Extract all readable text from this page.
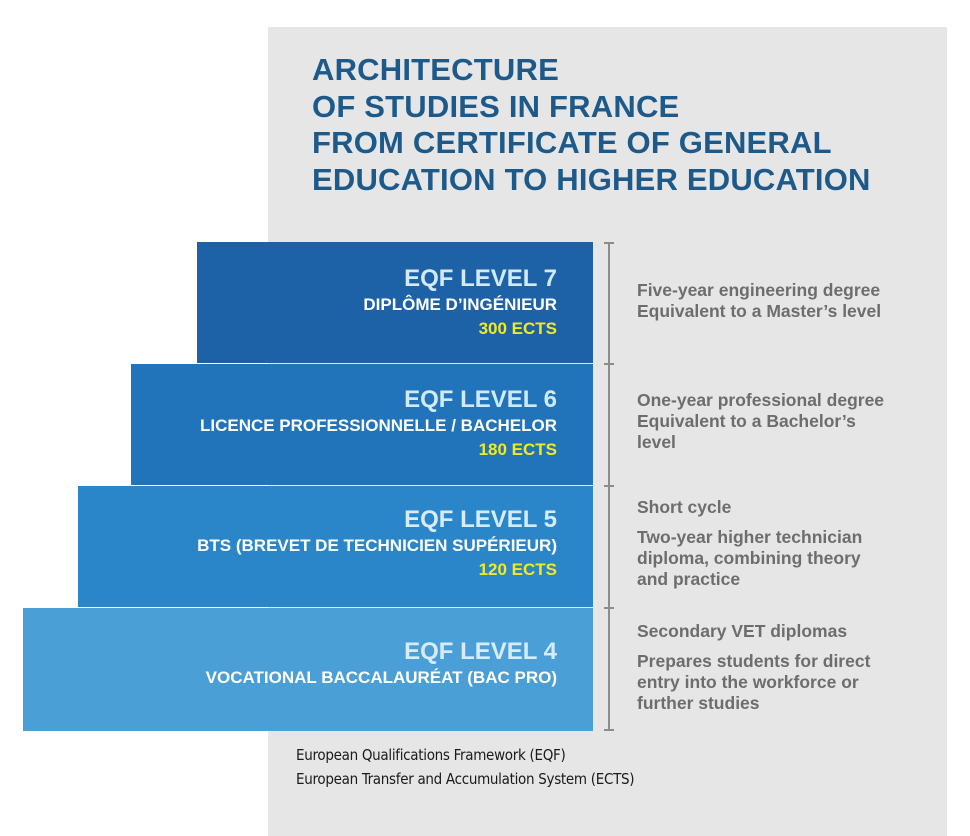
ARCHITECTURE
OF STUDIES IN FRANCE
FROM CERTIFICATE OF GENERAL
EDUCATION TO HIGHER EDUCATION
EQF LEVEL 7
DIPLÔME D’INGÉNIEUR
300 ECTS
EQF LEVEL 6
LICENCE PROFESSIONNELLE / BACHELOR
180 ECTS
EQF LEVEL 5
BTS (BREVET DE TECHNICIEN SUPÉRIEUR)
120 ECTS
EQF LEVEL 4
VOCATIONAL BACCALAURÉAT (BAC PRO)
Five-year engineering degree
Equivalent to a Master’s level
One-year professional degree
Equivalent to a Bachelor’s
level
Short cycle
Two-year higher technician
diploma, combining theory
and practice
Secondary VET diplomas
Prepares students for direct
entry into the workforce or
further studies
European Qualifications Framework (EQF)
European Transfer and Accumulation System (ECTS)
